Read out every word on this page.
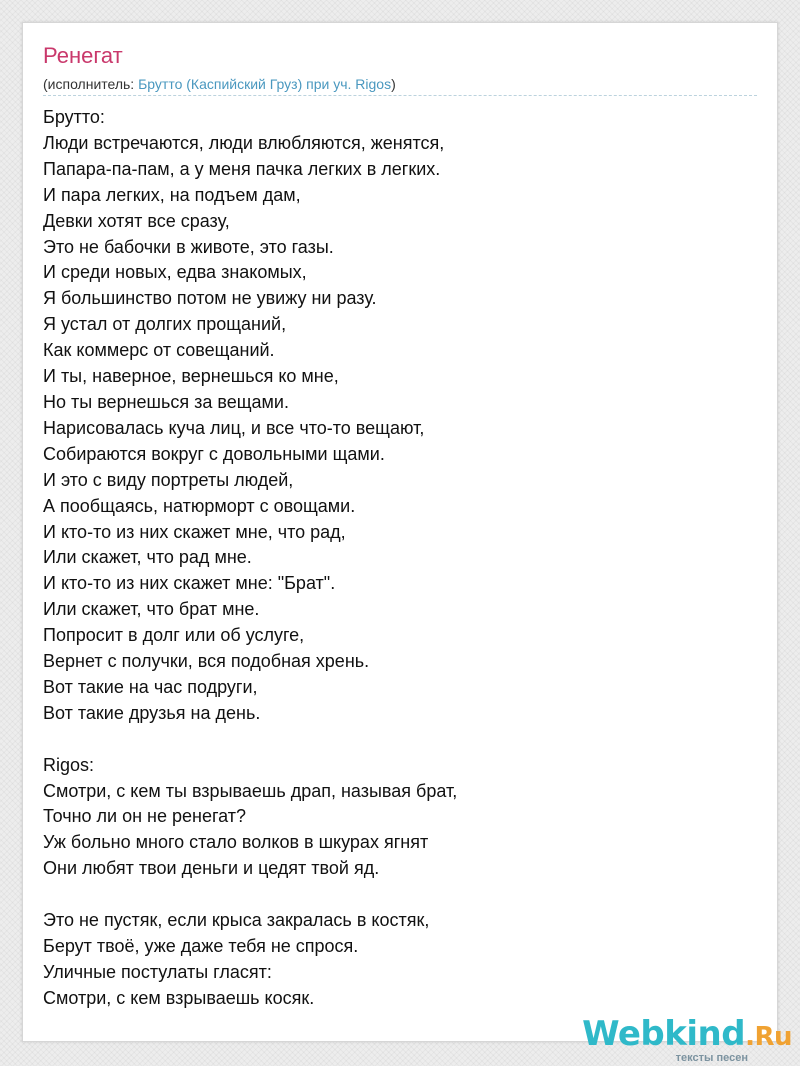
Ренегат
(исполнитель: Брутто (Каспийский Груз) при уч. Rigos)
Брутто:
Люди встречаются, люди влюбляются, женятся,
Папара-па-пам, а у меня пачка легких в легких.
И пара легких, на подъем дам,
Девки хотят все сразу,
Это не бабочки в животе, это газы.
И среди новых, едва знакомых,
Я большинство потом не увижу ни разу.
Я устал от долгих прощаний,
Как коммерс от совещаний.
И ты, наверное, вернешься ко мне,
Но ты вернешься за вещами.
Нарисовалась куча лиц, и все что-то вещают,
Собираются вокруг с довольными щами.
И это с виду портреты людей,
А пообщаясь, натюрморт с овощами.
И кто-то из них скажет мне, что рад,
Или скажет, что рад мне.
И кто-то из них скажет мне: "Брат".
Или скажет, что брат мне.
Попросит в долг или об услуге,
Вернет с получки, вся подобная хрень.
Вот такие на час подруги,
Вот такие друзья на день.

Rigos:
Смотри, с кем ты взрываешь драп, называя брат,
Точно ли он не ренегат?
Уж больно много стало волков в шкурах ягнят
Они любят твои деньги и цедят твой яд.

Это не пустяк, если крыса закралась в костяк,
Берут твоё, уже даже тебя не спрося.
Уличные постулаты гласят:
Смотри, с кем взрываешь косяк.
Webkind.Ru
тексты песен
